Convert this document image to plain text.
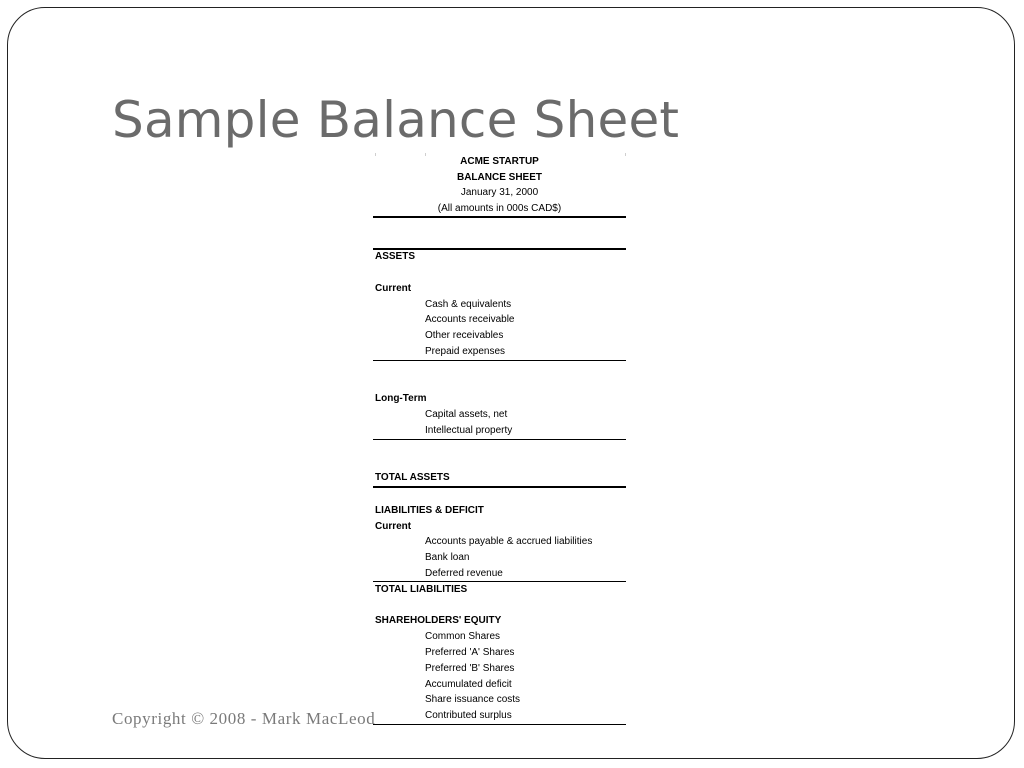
Sample Balance Sheet
ACME STARTUP
BALANCE SHEET
January 31, 2000
(All amounts in 000s CAD$)
ASSETS
Current
Cash & equivalents
Accounts receivable
Other receivables
Prepaid expenses
Long-Term
Capital assets, net
Intellectual property
TOTAL ASSETS
LIABILITIES & DEFICIT
Current
Accounts payable & accrued liabilities
Bank loan
Deferred revenue
TOTAL LIABILITIES
SHAREHOLDERS' EQUITY
Common Shares
Preferred 'A' Shares
Preferred 'B' Shares
Accumulated deficit
Share issuance costs
Contributed surplus
Copyright © 2008 - Mark MacLeod
